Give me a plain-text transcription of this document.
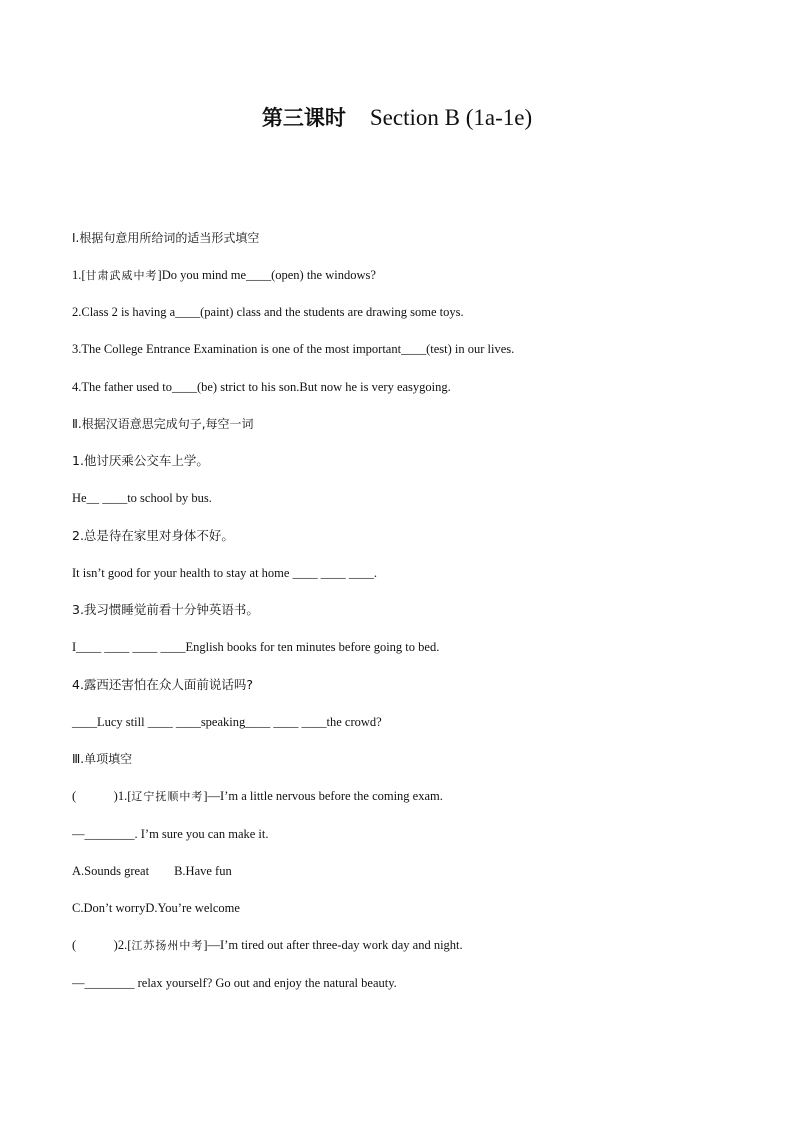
第三课时 Section B (1a-1e)
Ⅰ.根据句意用所给词的适当形式填空
1.[甘肃武威中考]Do you mind me____(open) the windows?
2.Class 2 is having a____(paint) class and the students are drawing some toys.
3.The College Entrance Examination is one of the most important____(test) in our lives.
4.The father used to____(be) strict to his son.But now he is very easygoing.
Ⅱ.根据汉语意思完成句子,每空一词
1.他讨厌乘公交车上学。
He__ ____to school by bus.
2.总是待在家里对身体不好。
It isn’t good for your health to stay at home ____ ____ ____.
3.我习惯睡觉前看十分钟英语书。
I____ ____ ____ ____English books for ten minutes before going to bed.
4.露西还害怕在众人面前说话吗?
____Lucy still ____ ____speaking____ ____ ____the crowd?
Ⅲ.单项填空
(　　　)1.[辽宁抚顺中考]—I’m a little nervous before the coming exam.
—________. I’m sure you can make it.
A.Sounds great　　B.Have fun
C.Don’t worryD.You’re welcome
(　　　)2.[江苏扬州中考]—I’m tired out after three-day work day and night.
—________ relax yourself? Go out and enjoy the natural beauty.
